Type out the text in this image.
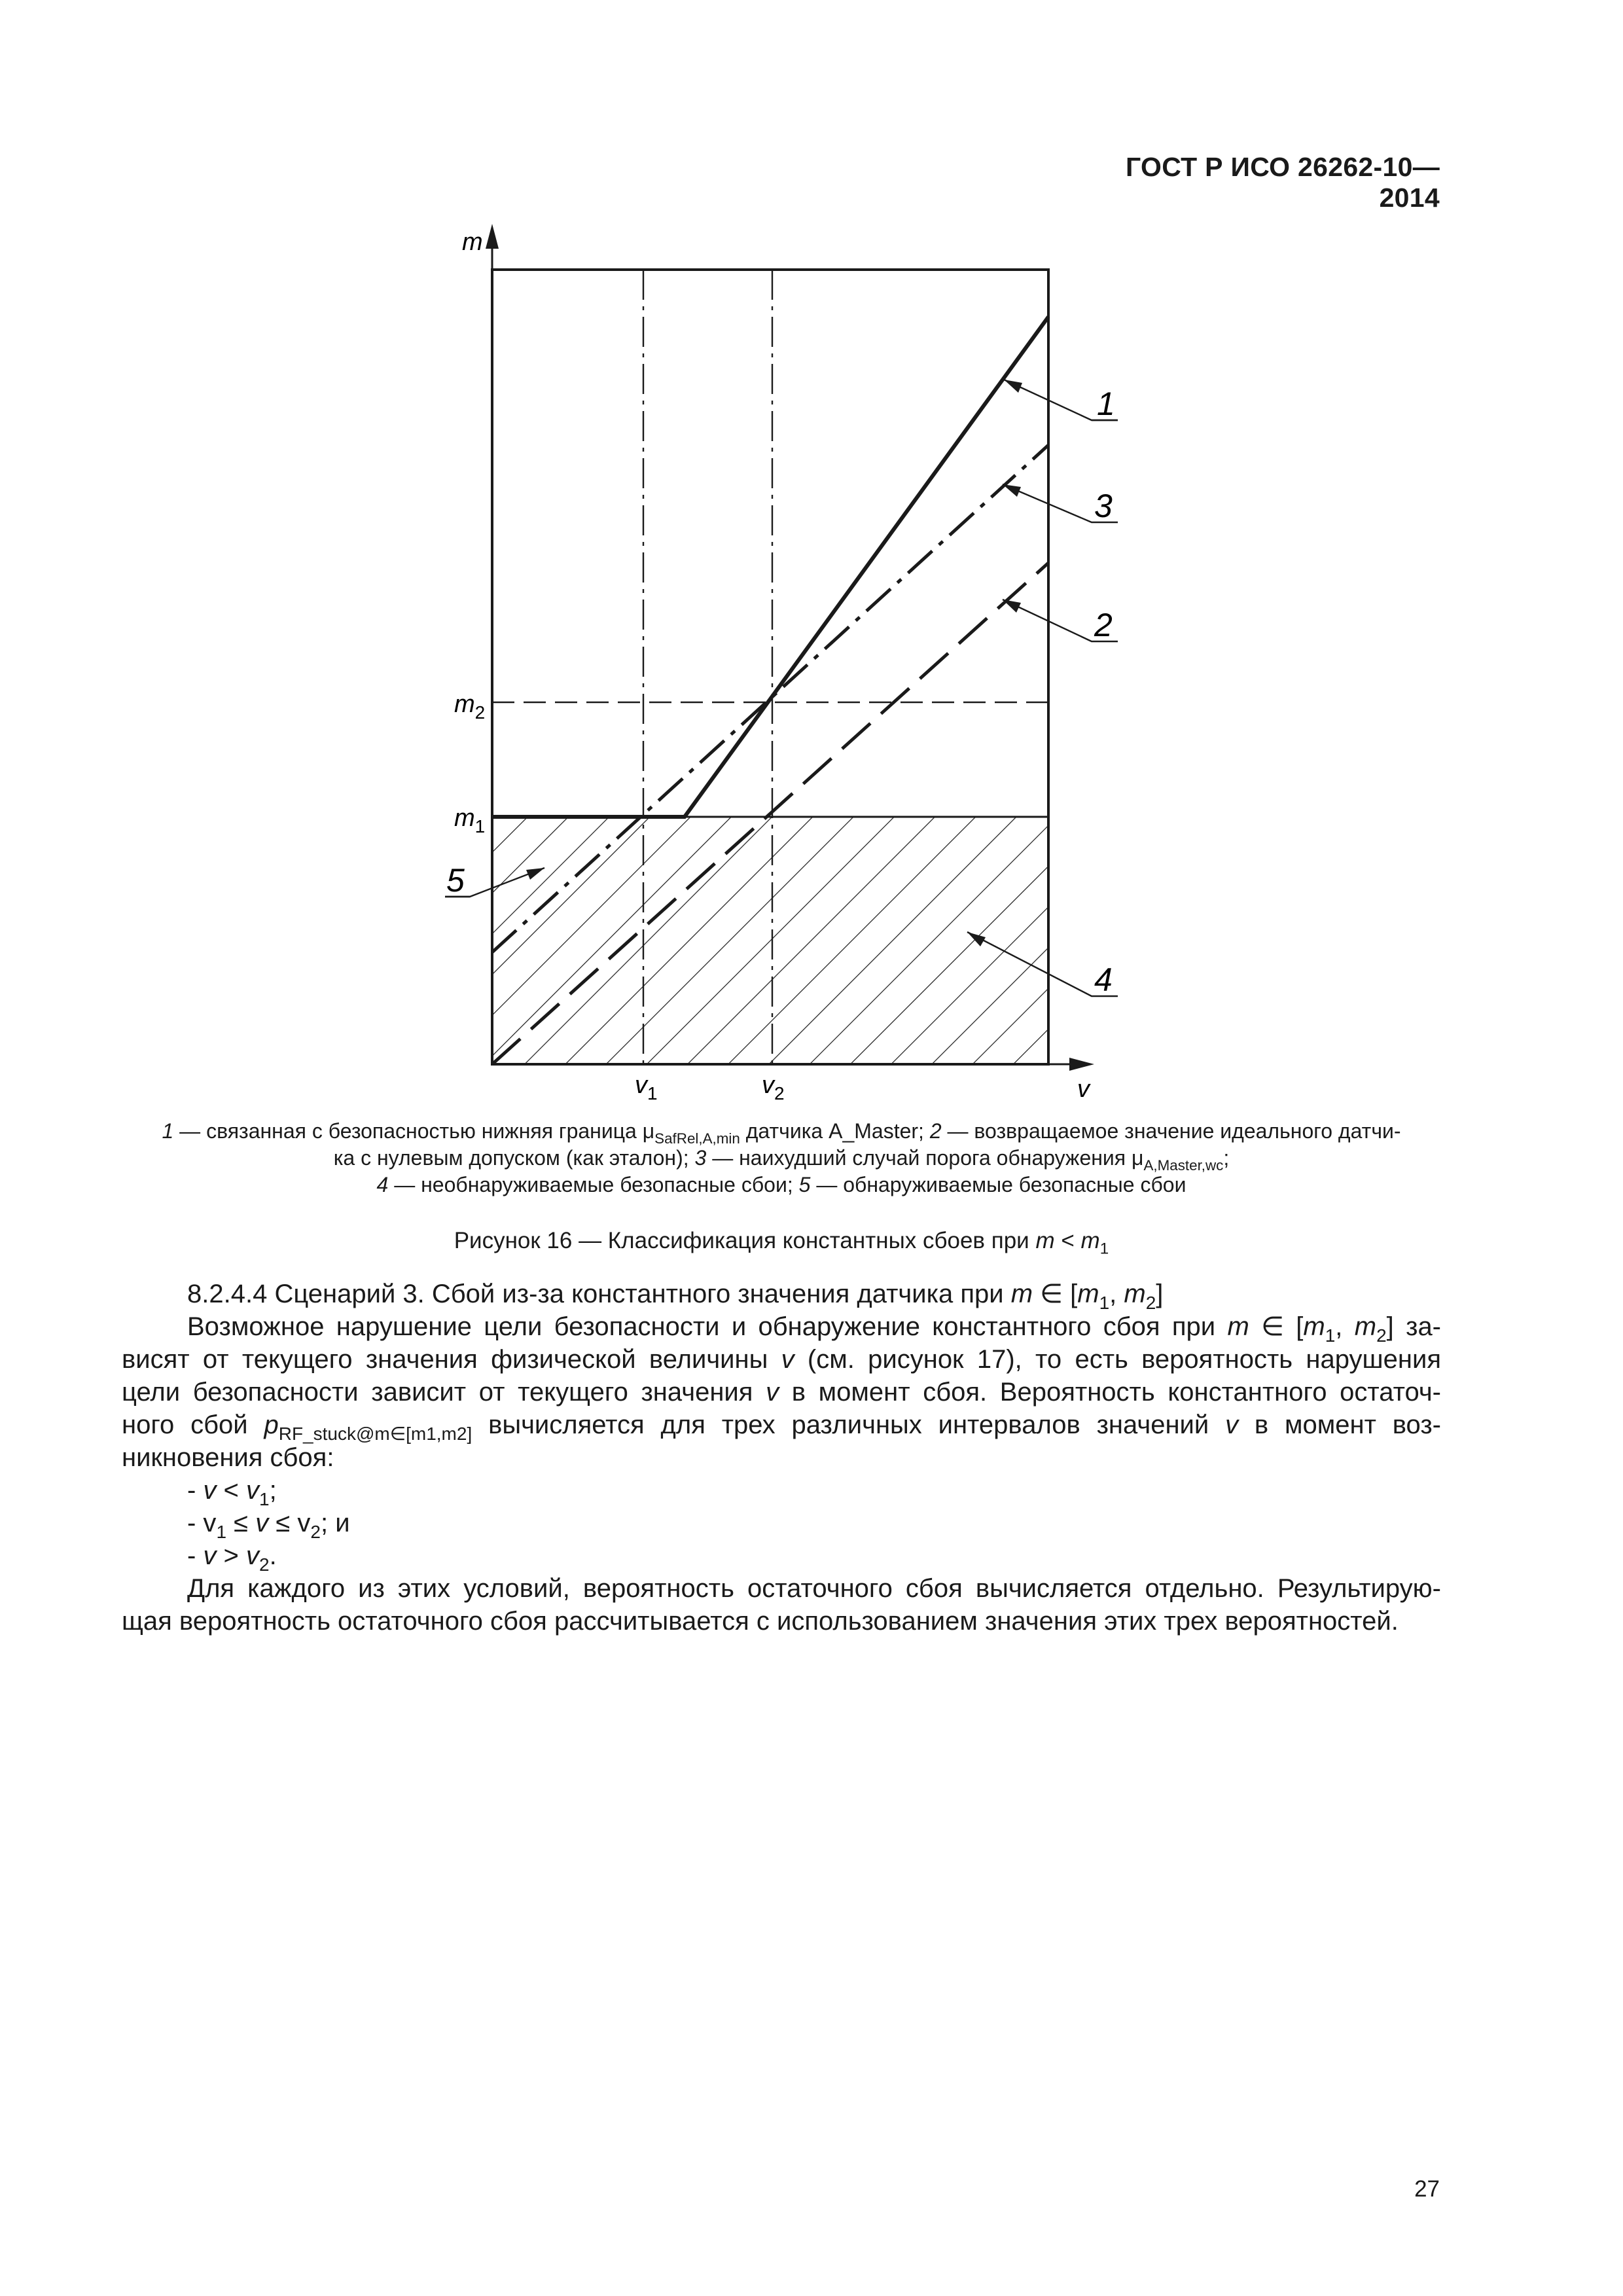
ГОСТ Р ИСО 26262-10—2014
m
v
$m_2$
$m_1$
$v_1$	$v_2$
1
3
2
4
5
1 — связанная с безопасностью нижняя граница $\mu_{SafRel,A,min}$ датчика A_Master; 2 — возвращаемое значение идеального датчи-
ка с нулевым допуском (как эталон); 3 — наихудший случай порога обнаружения $\mu_{A,Master,wc}$;
4 — необнаруживаемые безопасные сбои; 5 — обнаруживаемые безопасные сбои
Рисунок 16 — Классификация константных сбоев при $m < m_1$

8.2.4.4 Сценарий 3. Сбой из-за константного значения датчика при m ∈ [$m_1$, $m_2$]

Возможное нарушение цели безопасности и обнаружение константного сбоя при m ∈ [$m_1$, $m_2$] за-

висят от текущего значения физической величины v (см. рисунок 17), то есть вероятность нарушения

цели безопасности зависит от текущего значения v в момент сбоя. Вероятность константного остаточ-

ного сбой $p_{RF\_stuck@m\in[m1,m2]}$ вычисляется для трех различных интервалов значений v в момент воз-

никновения сбоя:

- $v < v_1$;

- $v_1 \le v \le v_2$; и

- $v > v_2$.

Для каждого из этих условий, вероятность остаточного сбоя вычисляется отдельно. Результирую-

щая вероятность остаточного сбоя рассчитывается с использованием значения этих трех вероятностей.

27
